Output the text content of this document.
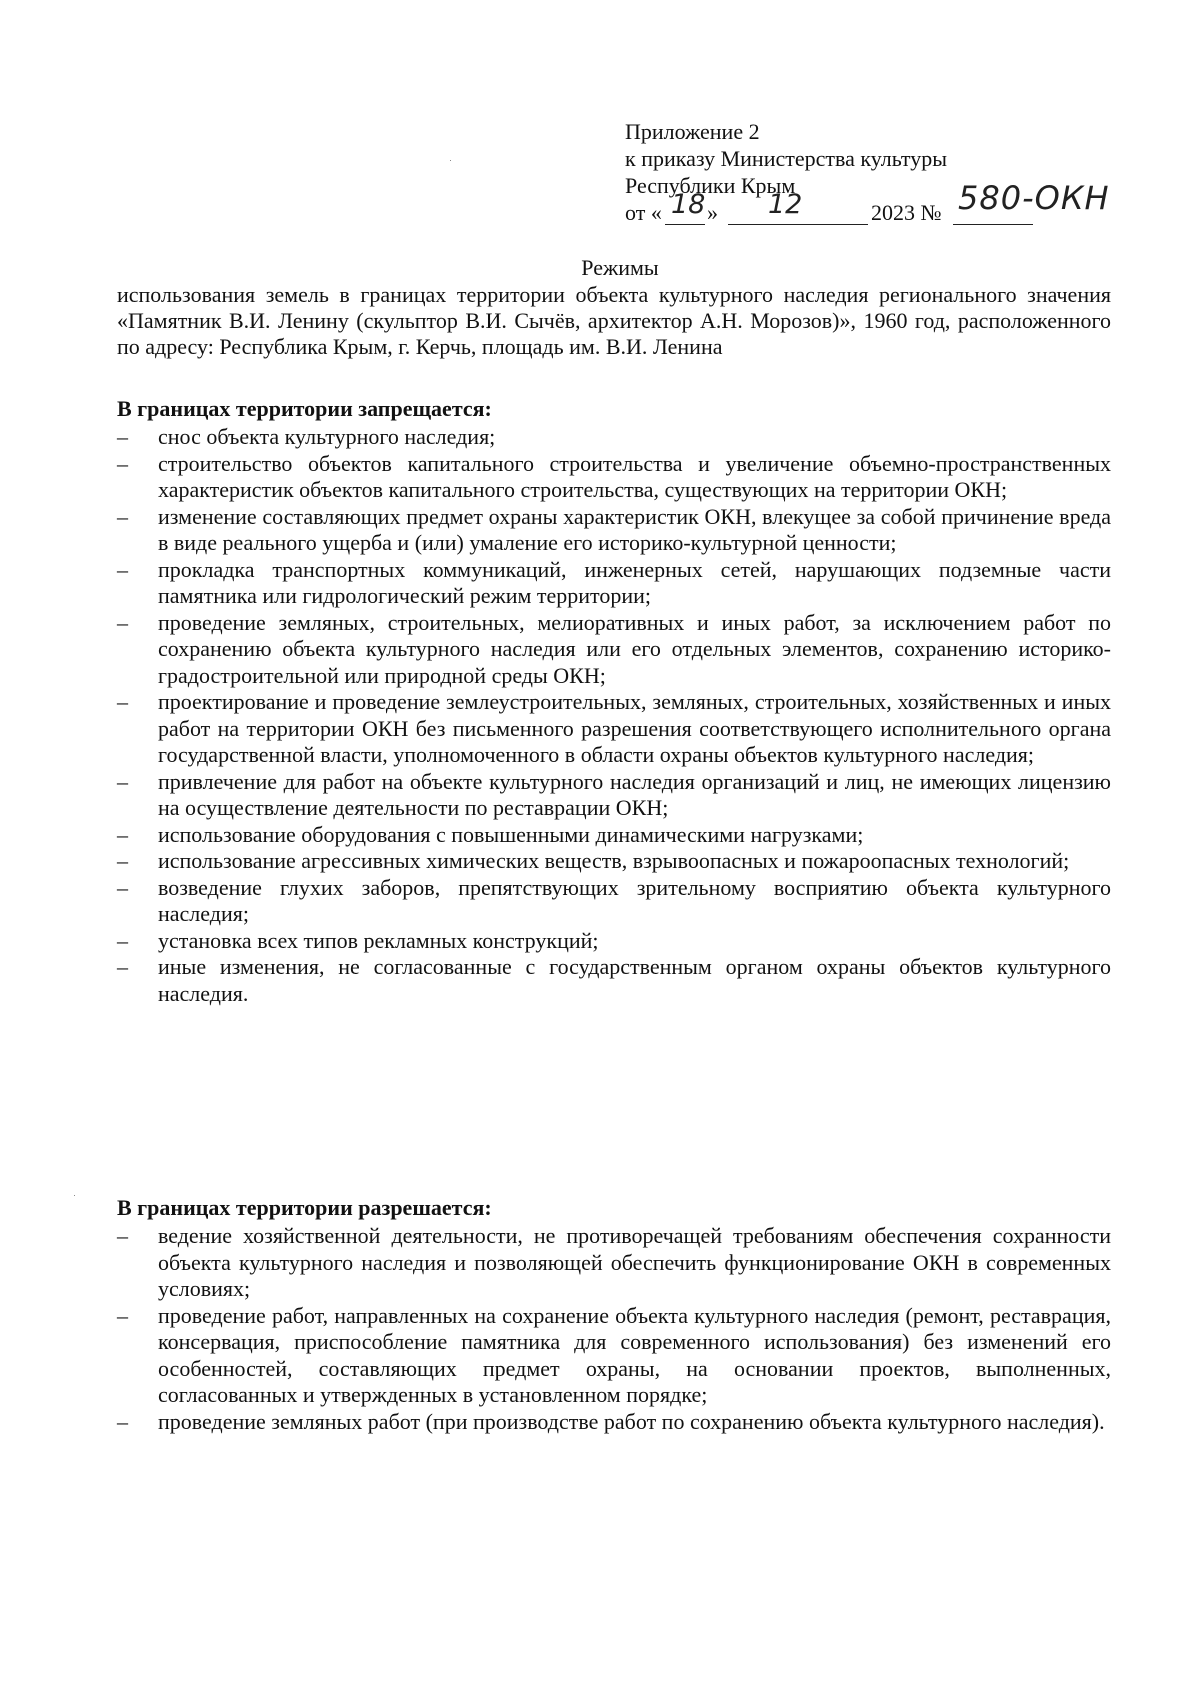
Приложение 2
к приказу Министерства культуры
Республики Крым
от « 18 » 12	2023 № 580-ОКН
Режимы
использования земель в границах территории объекта культурного наследия регионального значения «Памятник В.И. Ленину (скульптор В.И. Сычёв, архитектор А.Н. Морозов)», 1960 год, расположенного по адресу: Республика Крым, г. Керчь, площадь им. В.И. Ленина
В границах территории запрещается:
– снос объекта культурного наследия;
– строительство объектов капитального строительства и увеличение объемно-пространственных характеристик объектов капитального строительства, существующих на территории ОКН;
– изменение составляющих предмет охраны характеристик ОКН, влекущее за собой причинение вреда в виде реального ущерба и (или) умаление его историко-культурной ценности;
– прокладка транспортных коммуникаций, инженерных сетей, нарушающих подземные части памятника или гидрологический режим территории;
– проведение земляных, строительных, мелиоративных и иных работ, за исключением работ по сохранению объекта культурного наследия или его отдельных элементов, сохранению историко-градостроительной или природной среды ОКН;
– проектирование и проведение землеустроительных, земляных, строительных, хозяйственных и иных работ на территории ОКН без письменного разрешения соответствующего исполнительного органа государственной власти, уполномоченного в области охраны объектов культурного наследия;
– привлечение для работ на объекте культурного наследия организаций и лиц, не имеющих лицензию на осуществление деятельности по реставрации ОКН;
– использование оборудования с повышенными динамическими нагрузками;
– использование агрессивных химических веществ, взрывоопасных и пожароопасных технологий;
– возведение глухих заборов, препятствующих зрительному восприятию объекта культурного наследия;
– установка всех типов рекламных конструкций;
– иные изменения, не согласованные с государственным органом охраны объектов культурного наследия.
В границах территории разрешается:
– ведение хозяйственной деятельности, не противоречащей требованиям обеспечения сохранности объекта культурного наследия и позволяющей обеспечить функционирование ОКН в современных условиях;
– проведение работ, направленных на сохранение объекта культурного наследия (ремонт, реставрация, консервация, приспособление памятника для современного использования) без изменений его особенностей, составляющих предмет охраны, на основании проектов, выполненных, согласованных и утвержденных в установленном порядке;
– проведение земляных работ (при производстве работ по сохранению объекта культурного наследия).
